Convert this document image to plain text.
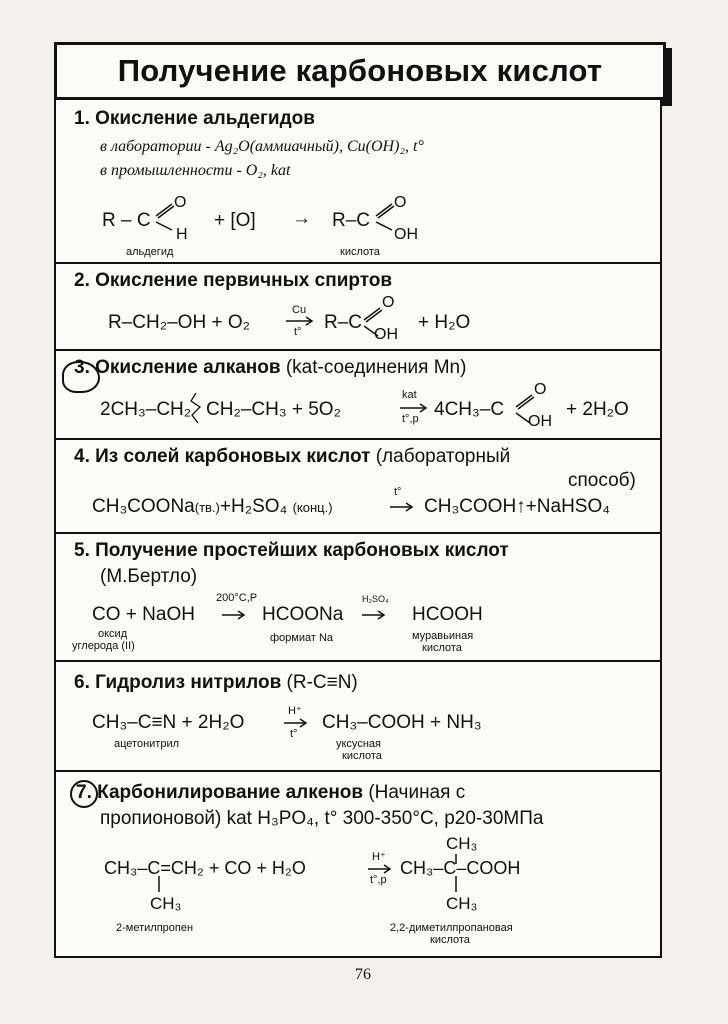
Получение карбоновых кислот
1. Окисление альдегидов
в лаборатории - Ag₂O(аммиачный), Cu(OH)₂, t°
в промышленности - O₂, kat
R – C
O
H
+ [O] → R–C
O
OH
альдегид	кислота
2. Окисление первичных спиртов
R–CH₂–OH + O₂
Cu
t° R–C
O
OH
+ H₂O
3. Окисление алканов (kat-соединения Mn)
2CH₃–CH₂ CH₂–CH₃ + 5O₂
kat
t°,p 4CH₃–C
O
OH
+ 2H₂O
4. Из солей карбоновых кислот (лабораторный
способ)
CH₃COONa(тв.)+H₂SO₄ (конц.)
t°
CH₃COOH↑+NaHSO₄
5. Получение простейших карбоновых кислот
(М.Бертло)
CO + NaOH
200°C,P
HCOONa
H₂SO₄
HCOOH
оксид
углерода (II)
формиат Na	муравьиная
кислота
6. Гидролиз нитрилов (R-C≡N)
CH₃–C≡N + 2H₂O
H⁺
t°
CH₃–COOH + NH₃
ацетонитрил	уксусная
кислота
7. Карбонилирование алкенов (Начиная с
пропионовой) kat H₃PO₄, t° 300-350°C, p20-30МПа
CH₃
CH₃–C=CH₂ + CO + H₂O
H⁺
t°,p
CH₃–C–COOH
CH₃	CH₃
2-метилпропен	2,2-диметилпропановая
кислота
76
